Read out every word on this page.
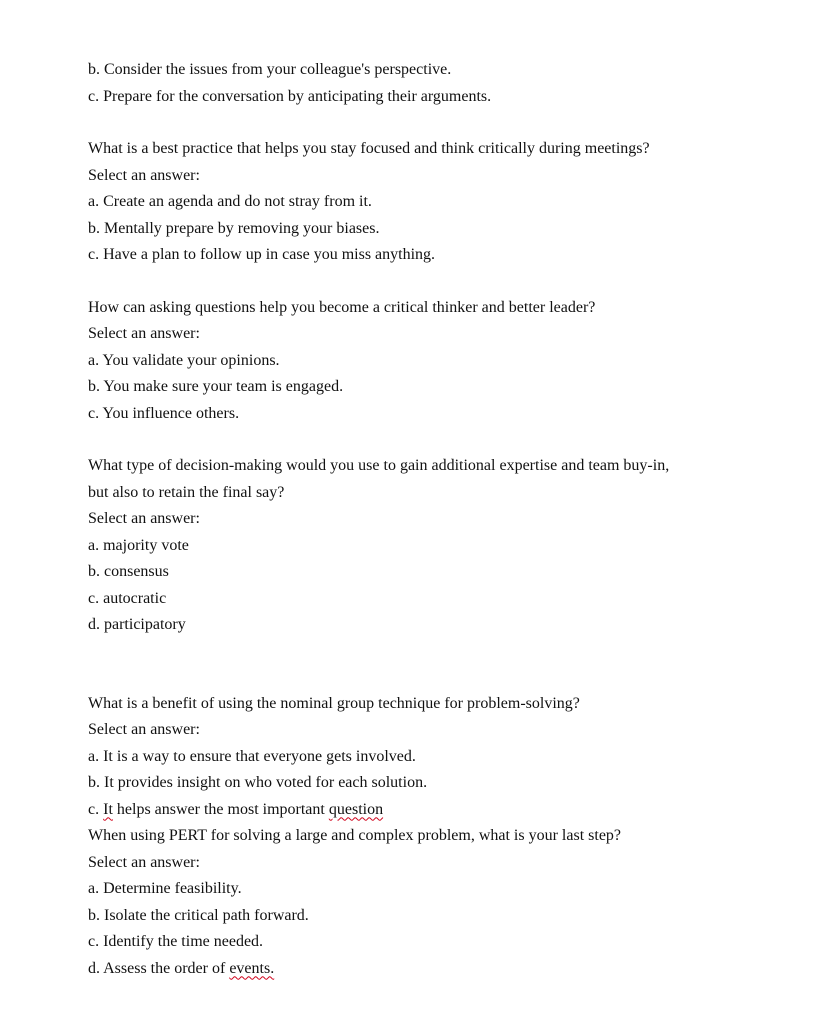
b. Consider the issues from your colleague's perspective.
c. Prepare for the conversation by anticipating their arguments.
What is a best practice that helps you stay focused and think critically during meetings?
Select an answer:
a. Create an agenda and do not stray from it.
b. Mentally prepare by removing your biases.
c. Have a plan to follow up in case you miss anything.
How can asking questions help you become a critical thinker and better leader?
Select an answer:
a. You validate your opinions.
b. You make sure your team is engaged.
c. You influence others.
What type of decision-making would you use to gain additional expertise and team buy-in,
but also to retain the final say?
Select an answer:
a. majority vote
b. consensus
c. autocratic
d. participatory
What is a benefit of using the nominal group technique for problem-solving?
Select an answer:
a. It is a way to ensure that everyone gets involved.
b. It provides insight on who voted for each solution.
c. It helps answer the most important question
When using PERT for solving a large and complex problem, what is your last step?
Select an answer:
a. Determine feasibility.
b. Isolate the critical path forward.
c. Identify the time needed.
d. Assess the order of events.
